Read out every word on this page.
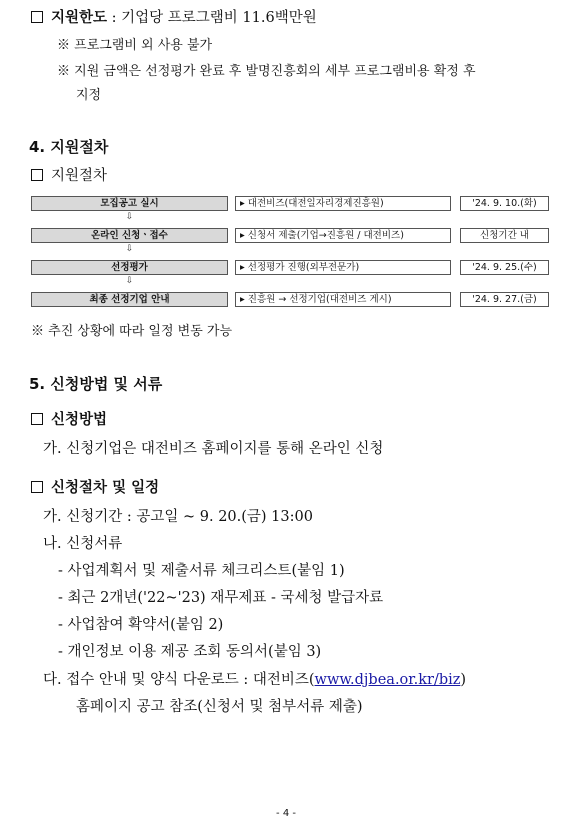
지원한도 : 기업당 프로그램비 11.6백만원
※ 프로그램비 외 사용 불가
※ 지원 금액은 선정평가 완료 후 발명진흥회의 세부 프로그램비용 확정 후
지정
4. 지원절차
지원절차
모집공고 실시	▸ 대전비즈(대전일자리경제진흥원)	'24. 9. 10.(화)
⇩
온라인 신청ㆍ접수	▸ 신청서 제출(기업→진흥원 / 대전비즈)	신청기간 내
⇩
선정평가	▸ 선정평가 진행(외부전문가)	'24. 9. 25.(수)
⇩
최종 선정기업 안내	▸ 진흥원 → 선정기업(대전비즈 게시)	'24. 9. 27.(금)
※ 추진 상황에 따라 일정 변동 가능
5. 신청방법 및 서류
신청방법
가. 신청기업은 대전비즈 홈페이지를 통해 온라인 신청
신청절차 및 일정
가. 신청기간 : 공고일 ~ 9. 20.(금) 13:00
나. 신청서류
- 사업계획서 및 제출서류 체크리스트(붙임 1)
- 최근 2개년('22~'23) 재무제표 - 국세청 발급자료
- 사업참여 확약서(붙임 2)
- 개인정보 이용 제공 조회 동의서(붙임 3)
다. 접수 안내 및 양식 다운로드 : 대전비즈(www.djbea.or.kr/biz)
홈페이지 공고 참조(신청서 및 첨부서류 제출)
- 4 -
